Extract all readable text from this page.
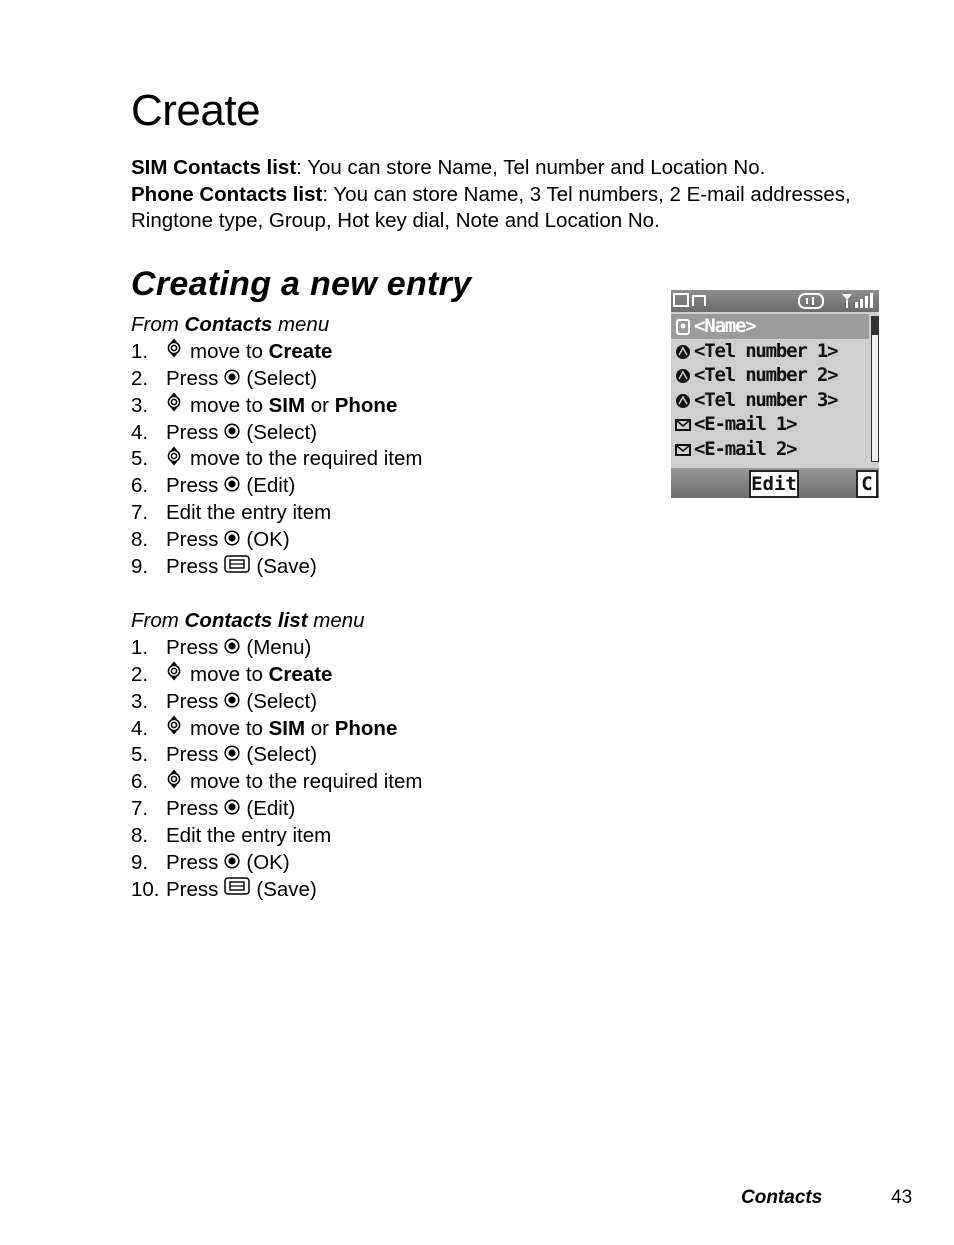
Create

SIM Contacts list: You can store Name, Tel number and Location No.

Phone Contacts list: You can store Name, 3 Tel numbers, 2 E-mail addresses, Ringtone type, Group, Hot key dial, Note and Location No.

Creating a new entry
From Contacts menu
1.	move to Create
2. Press (Select)
3.	move to SIM or Phone
4. Press (Select)
5.	move to the required item
6. Press (Edit)
7. Edit the entry item
8. Press (OK)
9. Press (Save)
From Contacts list menu
1. Press (Menu)
2.	move to Create
3. Press (Select)
4.	move to SIM or Phone
5. Press (Select)
6.	move to the required item
7. Press (Edit)
8. Edit the entry item
9. Press (OK)
10. Press (Save)
<Name>
<Tel number 1>
<Tel number 2>
<Tel number 3>
<E-mail 1>
<E-mail 2>
Edit	C
Contacts	43
